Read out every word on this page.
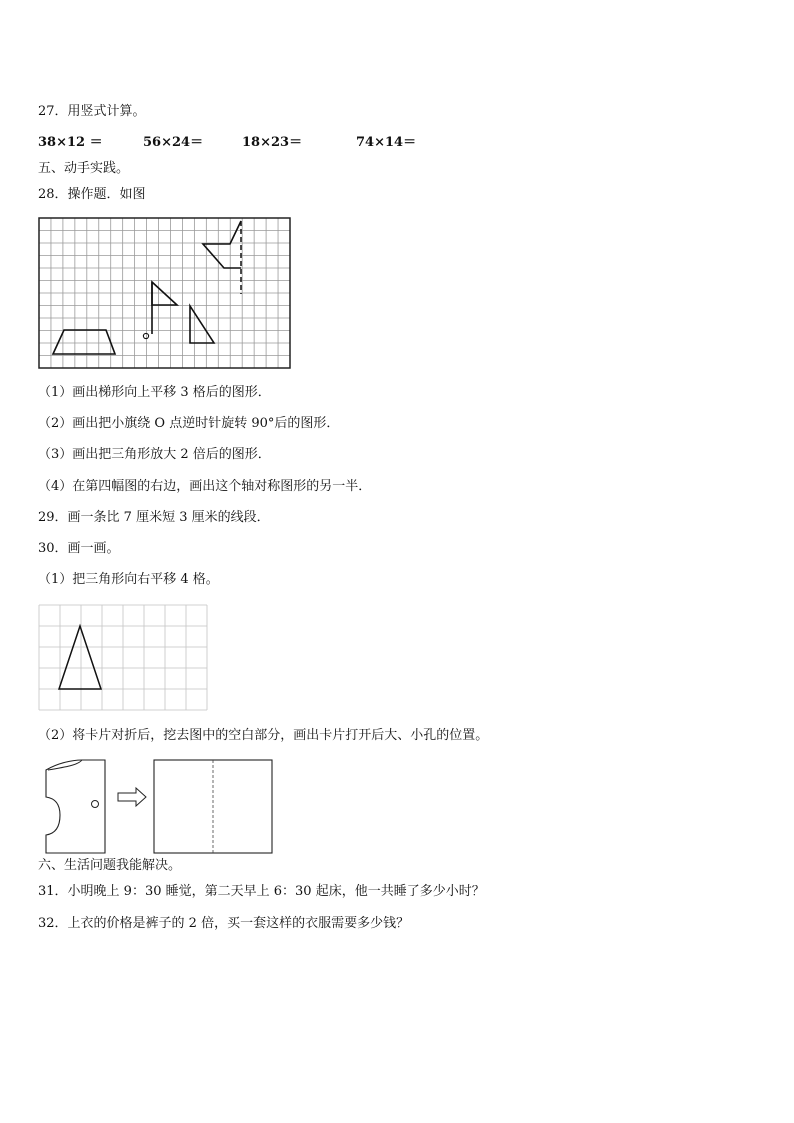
27．用竖式计算。
38×12 ＝	56×24＝	18×23＝	74×14＝
五、动手实践。
28．操作题．如图
（1）画出梯形向上平移 3 格后的图形．
（2）画出把小旗绕 O 点逆时针旋转 90°后的图形．
（3）画出把三角形放大 2 倍后的图形．
（4）在第四幅图的右边，画出这个轴对称图形的另一半．
29．画一条比 7 厘米短 3 厘米的线段．
30．画一画。
（1）把三角形向右平移 4 格。
（2）将卡片对折后，挖去图中的空白部分，画出卡片打开后大、小孔的位置。
六、生活问题我能解决。
31．小明晚上 9：30 睡觉，第二天早上 6：30 起床，他一共睡了多少小时？
32．上衣的价格是裤子的 2 倍，买一套这样的衣服需要多少钱？
